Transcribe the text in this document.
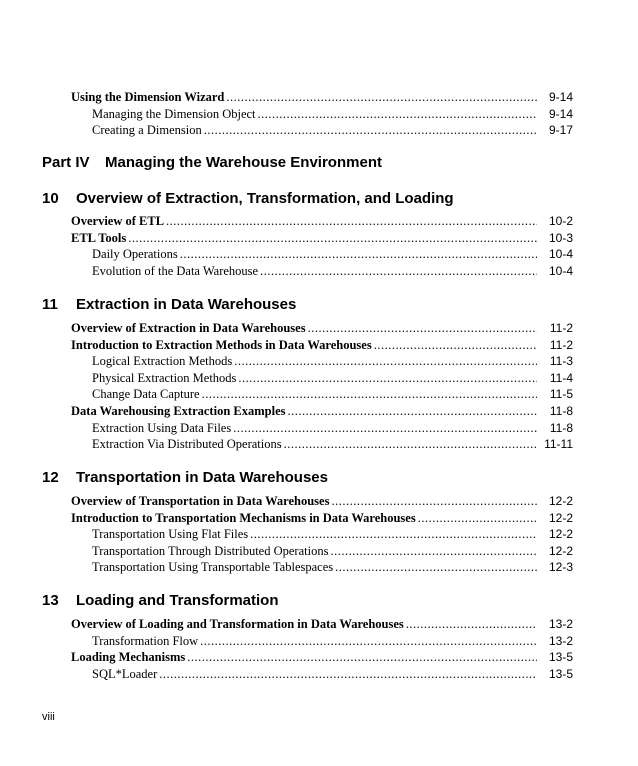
Using the Dimension Wizard .....	9-14
Managing the Dimension Object .....	9-14
Creating a Dimension .....	9-17
Part IV	Managing the Warehouse Environment
10	Overview of Extraction, Transformation, and Loading
Overview of ETL .....	10-2
ETL Tools .....	10-3
Daily Operations .....	10-4
Evolution of the Data Warehouse .....	10-4
11	Extraction in Data Warehouses
Overview of Extraction in Data Warehouses .....	11-2
Introduction to Extraction Methods in Data Warehouses .....	11-2
Logical Extraction Methods .....	11-3
Physical Extraction Methods .....	11-4
Change Data Capture .....	11-5
Data Warehousing Extraction Examples .....	11-8
Extraction Using Data Files .....	11-8
Extraction Via Distributed Operations .....	11-11
12	Transportation in Data Warehouses
Overview of Transportation in Data Warehouses .....	12-2
Introduction to Transportation Mechanisms in Data Warehouses .....	12-2
Transportation Using Flat Files .....	12-2
Transportation Through Distributed Operations .....	12-2
Transportation Using Transportable Tablespaces .....	12-3
13	Loading and Transformation
Overview of Loading and Transformation in Data Warehouses .....	13-2
Transformation Flow .....	13-2
Loading Mechanisms .....	13-5
SQL*Loader .....	13-5
viii
